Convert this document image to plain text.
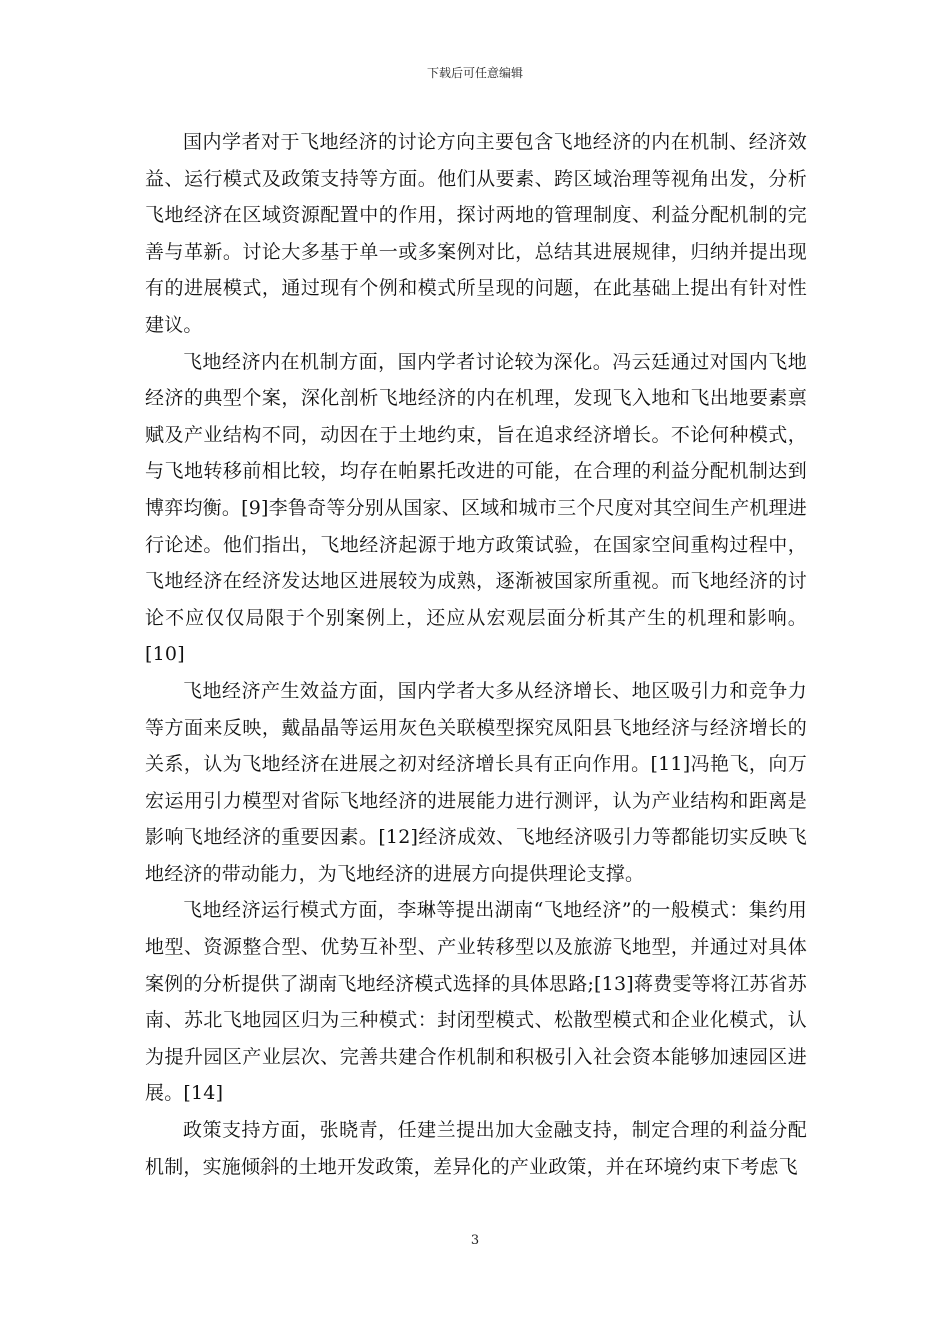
下载后可任意编辑

国内学者对于飞地经济的讨论方向主要包含飞地经济的内在机制、经济效益、运行模式及政策支持等方面。他们从要素、跨区域治理等视角出发，分析飞地经济在区域资源配置中的作用，探讨两地的管理制度、利益分配机制的完善与革新。讨论大多基于单一或多案例对比，总结其进展规律，归纳并提出现有的进展模式，通过现有个例和模式所呈现的问题，在此基础上提出有针对性建议。

飞地经济内在机制方面，国内学者讨论较为深化。冯云廷通过对国内飞地经济的典型个案，深化剖析飞地经济的内在机理，发现飞入地和飞出地要素禀赋及产业结构不同，动因在于土地约束，旨在追求经济增长。不论何种模式，与飞地转移前相比较，均存在帕累托改进的可能，在合理的利益分配机制达到博弈均衡。[9]李鲁奇等分别从国家、区域和城市三个尺度对其空间生产机理进行论述。他们指出，飞地经济起源于地方政策试验，在国家空间重构过程中，飞地经济在经济发达地区进展较为成熟，逐渐被国家所重视。而飞地经济的讨论不应仅仅局限于个别案例上，还应从宏观层面分析其产生的机理和影响。[10]

飞地经济产生效益方面，国内学者大多从经济增长、地区吸引力和竞争力等方面来反映，戴晶晶等运用灰色关联模型探究凤阳县飞地经济与经济增长的关系，认为飞地经济在进展之初对经济增长具有正向作用。[11]冯艳飞，向万宏运用引力模型对省际飞地经济的进展能力进行测评，认为产业结构和距离是影响飞地经济的重要因素。[12]经济成效、飞地经济吸引力等都能切实反映飞地经济的带动能力，为飞地经济的进展方向提供理论支撑。

飞地经济运行模式方面，李琳等提出湖南“飞地经济”的一般模式：集约用地型、资源整合型、优势互补型、产业转移型以及旅游飞地型，并通过对具体案例的分析提供了湖南飞地经济模式选择的具体思路;[13]蒋费雯等将江苏省苏南、苏北飞地园区归为三种模式：封闭型模式、松散型模式和企业化模式，认为提升园区产业层次、完善共建合作机制和积极引入社会资本能够加速园区进展。[14]

政策支持方面，张晓青，任建兰提出加大金融支持，制定合理的利益分配机制，实施倾斜的土地开发政策，差异化的产业政策，并在环境约束下考虑飞

3
